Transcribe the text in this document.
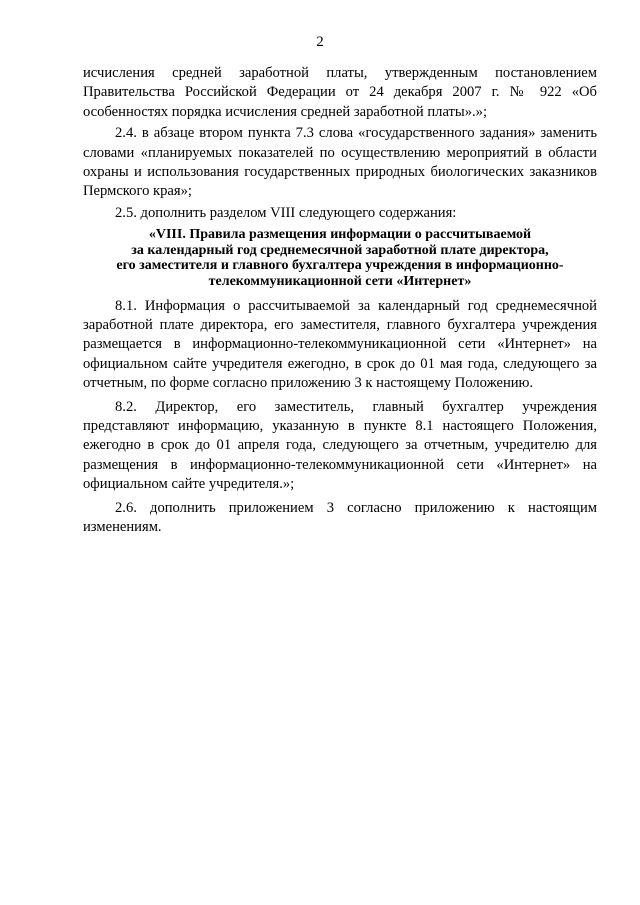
2

исчисления средней заработной платы, утвержденным постановлением Правительства Российской Федерации от 24 декабря 2007 г. № 922 «Об особенностях порядка исчисления средней заработной платы».»;

2.4. в абзаце втором пункта 7.3 слова «государственного задания» заменить словами «планируемых показателей по осуществлению мероприятий в области охраны и использования государственных природных биологических заказников Пермского края»;

2.5. дополнить разделом VIII следующего содержания:

«VIII. Правила размещения информации о рассчитываемой
за календарный год среднемесячной заработной плате директора,
его заместителя и главного бухгалтера учреждения в информационно-
телекоммуникационной сети «Интернет»

8.1. Информация о рассчитываемой за календарный год среднемесячной заработной плате директора, его заместителя, главного бухгалтера учреждения размещается в информационно-телекоммуникационной сети «Интернет» на официальном сайте учредителя ежегодно, в срок до 01 мая года, следующего за отчетным, по форме согласно приложению 3 к настоящему Положению.

8.2. Директор, его заместитель, главный бухгалтер учреждения представляют информацию, указанную в пункте 8.1 настоящего Положения, ежегодно в срок до 01 апреля года, следующего за отчетным, учредителю для размещения в информационно-телекоммуникационной сети «Интернет» на официальном сайте учредителя.»;

2.6. дополнить приложением 3 согласно приложению к настоящим изменениям.
